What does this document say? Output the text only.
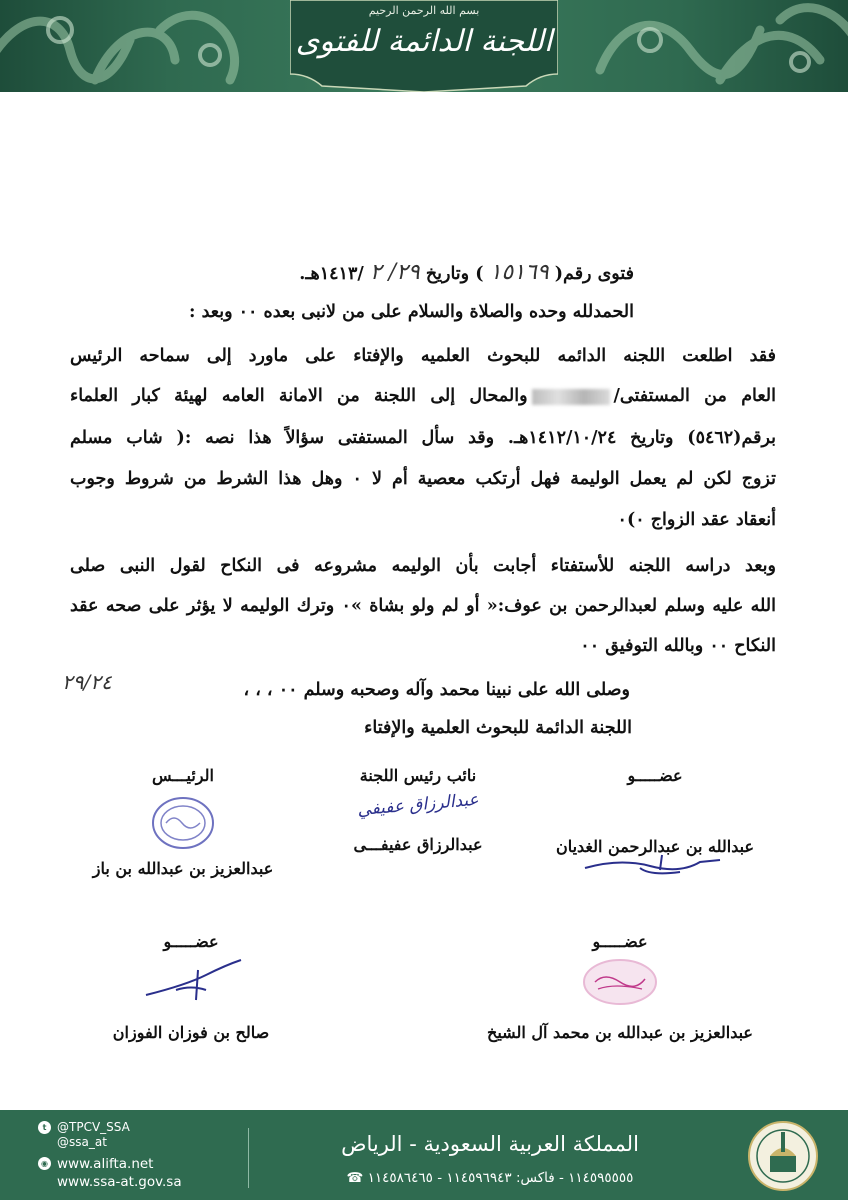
بسم الله الرحمن الرحيم
اللجنة الدائمة للفتوى
فتوى رقم( ١٥١٦٩ ) وتاريخ ٢٩/ ٢ /١٤١٣هـ.
الحمدلله وحده والصلاة والسلام على من لانبى بعده ٠٠ وبعد :
فقد اطلعت اللجنه الدائمه للبحوث العلميه والإفتاء على ماورد إلى سماحه الرئيس
العام من المستفتى/والمحال إلى اللجنة من الامانة العامه لهيئة كبار العلماء
برقم(٥٤٦٢) وتاريخ ١٤١٢/١٠/٢٤هـ. وقد سأل المستفتى سؤالاً هذا نصه :( شاب مسلم
تزوج لكن لم يعمل الوليمة فهل أرتكب معصية أم لا ٠ وهل هذا الشرط من شروط وجوب
أنعقاد عقد الزواج ٠)٠
وبعد دراسه اللجنه للأستفتاء أجابت بأن الوليمه مشروعه فى النكاح لقول النبى صلى
الله عليه وسلم لعبدالرحمن بن عوف:« أو لم ولو بشاة »٠ وترك الوليمه لا يؤثر على صحه عقد
النكاح ٠٠ وبالله التوفيق ٠٠
وصلى الله على نبينا محمد وآله وصحبه وسلم ٠٠ ، ، ،
٢٩/٢٤
اللجنة الدائمة للبحوث العلمية والإفتاء
الرئيـــس
عبدالعزيز بن عبدالله بن باز
نائب رئيس اللجنة
عبدالرزاق عفيفي
عبدالرزاق عفيفـــى
عضـــــو
عبدالله بن عبدالرحمن الغديان
عضـــــو
صالح بن فوزان الفوزان
عضـــــو
عبدالعزيز بن عبدالله بن محمد آل الشيخ
t @TPCV_SSA
@ssa_at
◉ www.alifta.net
www.ssa-at.gov.sa
المملكة العربية السعودية - الرياض
١١٤٥٩٥٥٥٥ - فاكس: ١١٤٥٩٦٩٤٣ - ١١٤٥٨٦٤٦٥ ☎
